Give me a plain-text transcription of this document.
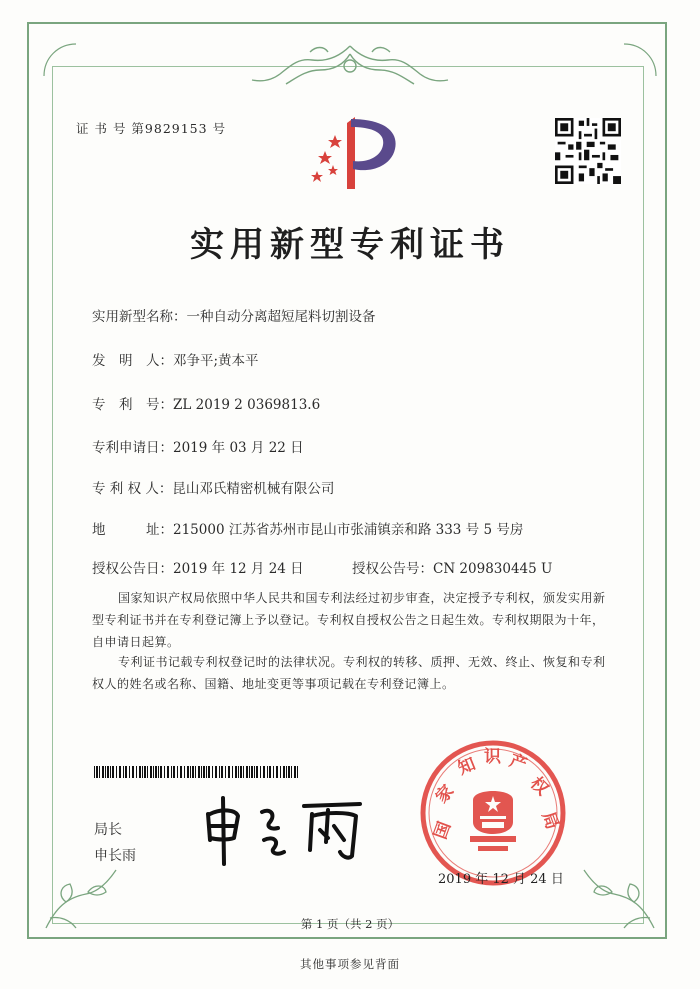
证 书 号 第9829153 号
实用新型专利证书
实用新型名称：一种自动分离超短尾料切割设备
发　明　人：邓争平;黄本平
专　利　号：ZL 2019 2 0369813.6
专利申请日：2019 年 03 月 22 日
专 利 权 人：昆山邓氏精密机械有限公司
地　　　址：215000 江苏省苏州市昆山市张浦镇亲和路 333 号 5 号房
授权公告日：2019 年 12 月 24 日	授权公告号：CN 209830445 U
国家知识产权局依照中华人民共和国专利法经过初步审查，决定授予专利权，颁发实用新型专利证书并在专利登记簿上予以登记。专利权自授权公告之日起生效。专利权期限为十年，自申请日起算。
专利证书记载专利权登记时的法律状况。专利权的转移、质押、无效、终止、恢复和专利权人的姓名或名称、国籍、地址变更等事项记载在专利登记簿上。
局长
申长雨
国
家
知 识 产
权
局
2019 年 12 月 24 日
第 1 页（共 2 页）
其他事项参见背面
